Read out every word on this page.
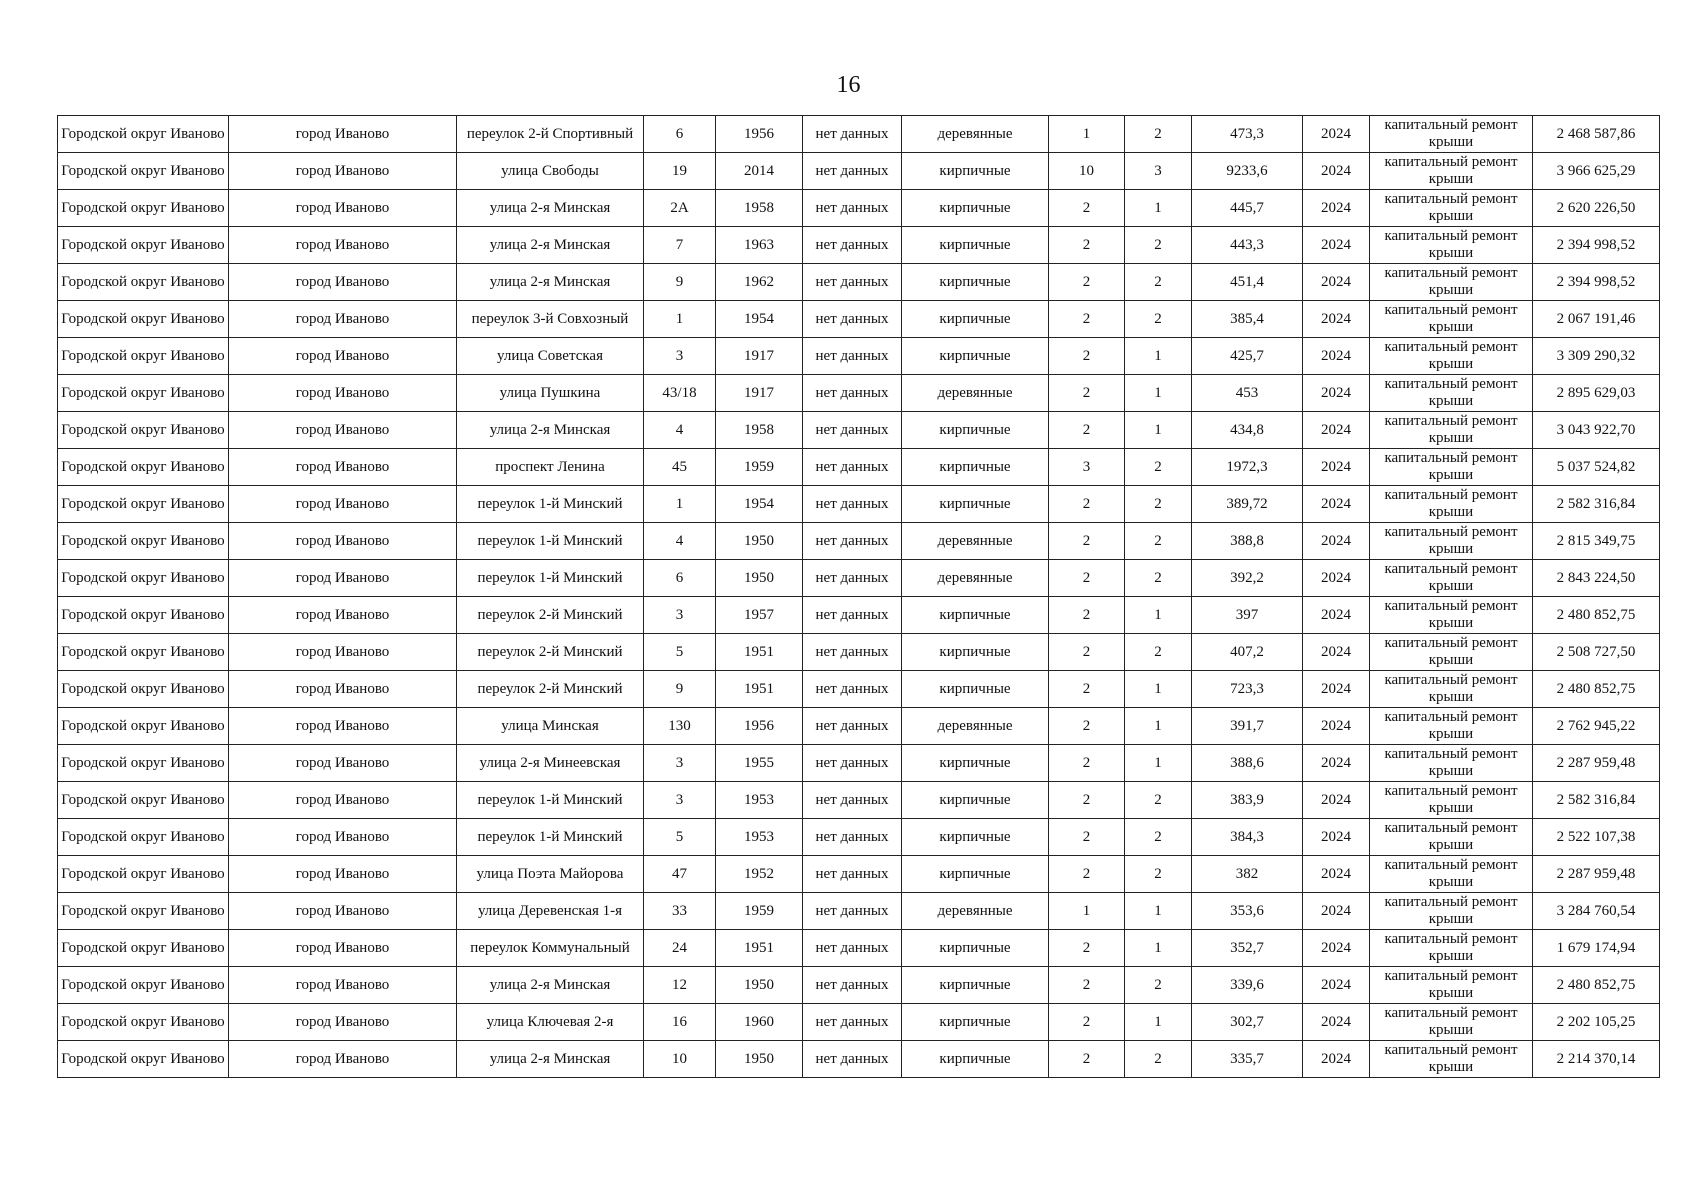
16
Городской округ Иваново	город Иваново	переулок 2-й Спортивный	6	1956	нет данных	деревянные	1	2	473,3	2024	капитальный ремонт крыши	2 468 587,86
Городской округ Иваново	город Иваново	улица Свободы	19	2014	нет данных	кирпичные	10	3	9233,6	2024	капитальный ремонт крыши	3 966 625,29
Городской округ Иваново	город Иваново	улица 2-я Минская	2А	1958	нет данных	кирпичные	2	1	445,7	2024	капитальный ремонт крыши	2 620 226,50
Городской округ Иваново	город Иваново	улица 2-я Минская	7	1963	нет данных	кирпичные	2	2	443,3	2024	капитальный ремонт крыши	2 394 998,52
Городской округ Иваново	город Иваново	улица 2-я Минская	9	1962	нет данных	кирпичные	2	2	451,4	2024	капитальный ремонт крыши	2 394 998,52
Городской округ Иваново	город Иваново	переулок 3-й Совхозный	1	1954	нет данных	кирпичные	2	2	385,4	2024	капитальный ремонт крыши	2 067 191,46
Городской округ Иваново	город Иваново	улица Советская	3	1917	нет данных	кирпичные	2	1	425,7	2024	капитальный ремонт крыши	3 309 290,32
Городской округ Иваново	город Иваново	улица Пушкина	43/18	1917	нет данных	деревянные	2	1	453	2024	капитальный ремонт крыши	2 895 629,03
Городской округ Иваново	город Иваново	улица 2-я Минская	4	1958	нет данных	кирпичные	2	1	434,8	2024	капитальный ремонт крыши	3 043 922,70
Городской округ Иваново	город Иваново	проспект Ленина	45	1959	нет данных	кирпичные	3	2	1972,3	2024	капитальный ремонт крыши	5 037 524,82
Городской округ Иваново	город Иваново	переулок 1-й Минский	1	1954	нет данных	кирпичные	2	2	389,72	2024	капитальный ремонт крыши	2 582 316,84
Городской округ Иваново	город Иваново	переулок 1-й Минский	4	1950	нет данных	деревянные	2	2	388,8	2024	капитальный ремонт крыши	2 815 349,75
Городской округ Иваново	город Иваново	переулок 1-й Минский	6	1950	нет данных	деревянные	2	2	392,2	2024	капитальный ремонт крыши	2 843 224,50
Городской округ Иваново	город Иваново	переулок 2-й Минский	3	1957	нет данных	кирпичные	2	1	397	2024	капитальный ремонт крыши	2 480 852,75
Городской округ Иваново	город Иваново	переулок 2-й Минский	5	1951	нет данных	кирпичные	2	2	407,2	2024	капитальный ремонт крыши	2 508 727,50
Городской округ Иваново	город Иваново	переулок 2-й Минский	9	1951	нет данных	кирпичные	2	1	723,3	2024	капитальный ремонт крыши	2 480 852,75
Городской округ Иваново	город Иваново	улица Минская	130	1956	нет данных	деревянные	2	1	391,7	2024	капитальный ремонт крыши	2 762 945,22
Городской округ Иваново	город Иваново	улица 2-я Минеевская	3	1955	нет данных	кирпичные	2	1	388,6	2024	капитальный ремонт крыши	2 287 959,48
Городской округ Иваново	город Иваново	переулок 1-й Минский	3	1953	нет данных	кирпичные	2	2	383,9	2024	капитальный ремонт крыши	2 582 316,84
Городской округ Иваново	город Иваново	переулок 1-й Минский	5	1953	нет данных	кирпичные	2	2	384,3	2024	капитальный ремонт крыши	2 522 107,38
Городской округ Иваново	город Иваново	улица Поэта Майорова	47	1952	нет данных	кирпичные	2	2	382	2024	капитальный ремонт крыши	2 287 959,48
Городской округ Иваново	город Иваново	улица Деревенская 1-я	33	1959	нет данных	деревянные	1	1	353,6	2024	капитальный ремонт крыши	3 284 760,54
Городской округ Иваново	город Иваново	переулок Коммунальный	24	1951	нет данных	кирпичные	2	1	352,7	2024	капитальный ремонт крыши	1 679 174,94
Городской округ Иваново	город Иваново	улица 2-я Минская	12	1950	нет данных	кирпичные	2	2	339,6	2024	капитальный ремонт крыши	2 480 852,75
Городской округ Иваново	город Иваново	улица Ключевая 2-я	16	1960	нет данных	кирпичные	2	1	302,7	2024	капитальный ремонт крыши	2 202 105,25
Городской округ Иваново	город Иваново	улица 2-я Минская	10	1950	нет данных	кирпичные	2	2	335,7	2024	капитальный ремонт крыши	2 214 370,14
